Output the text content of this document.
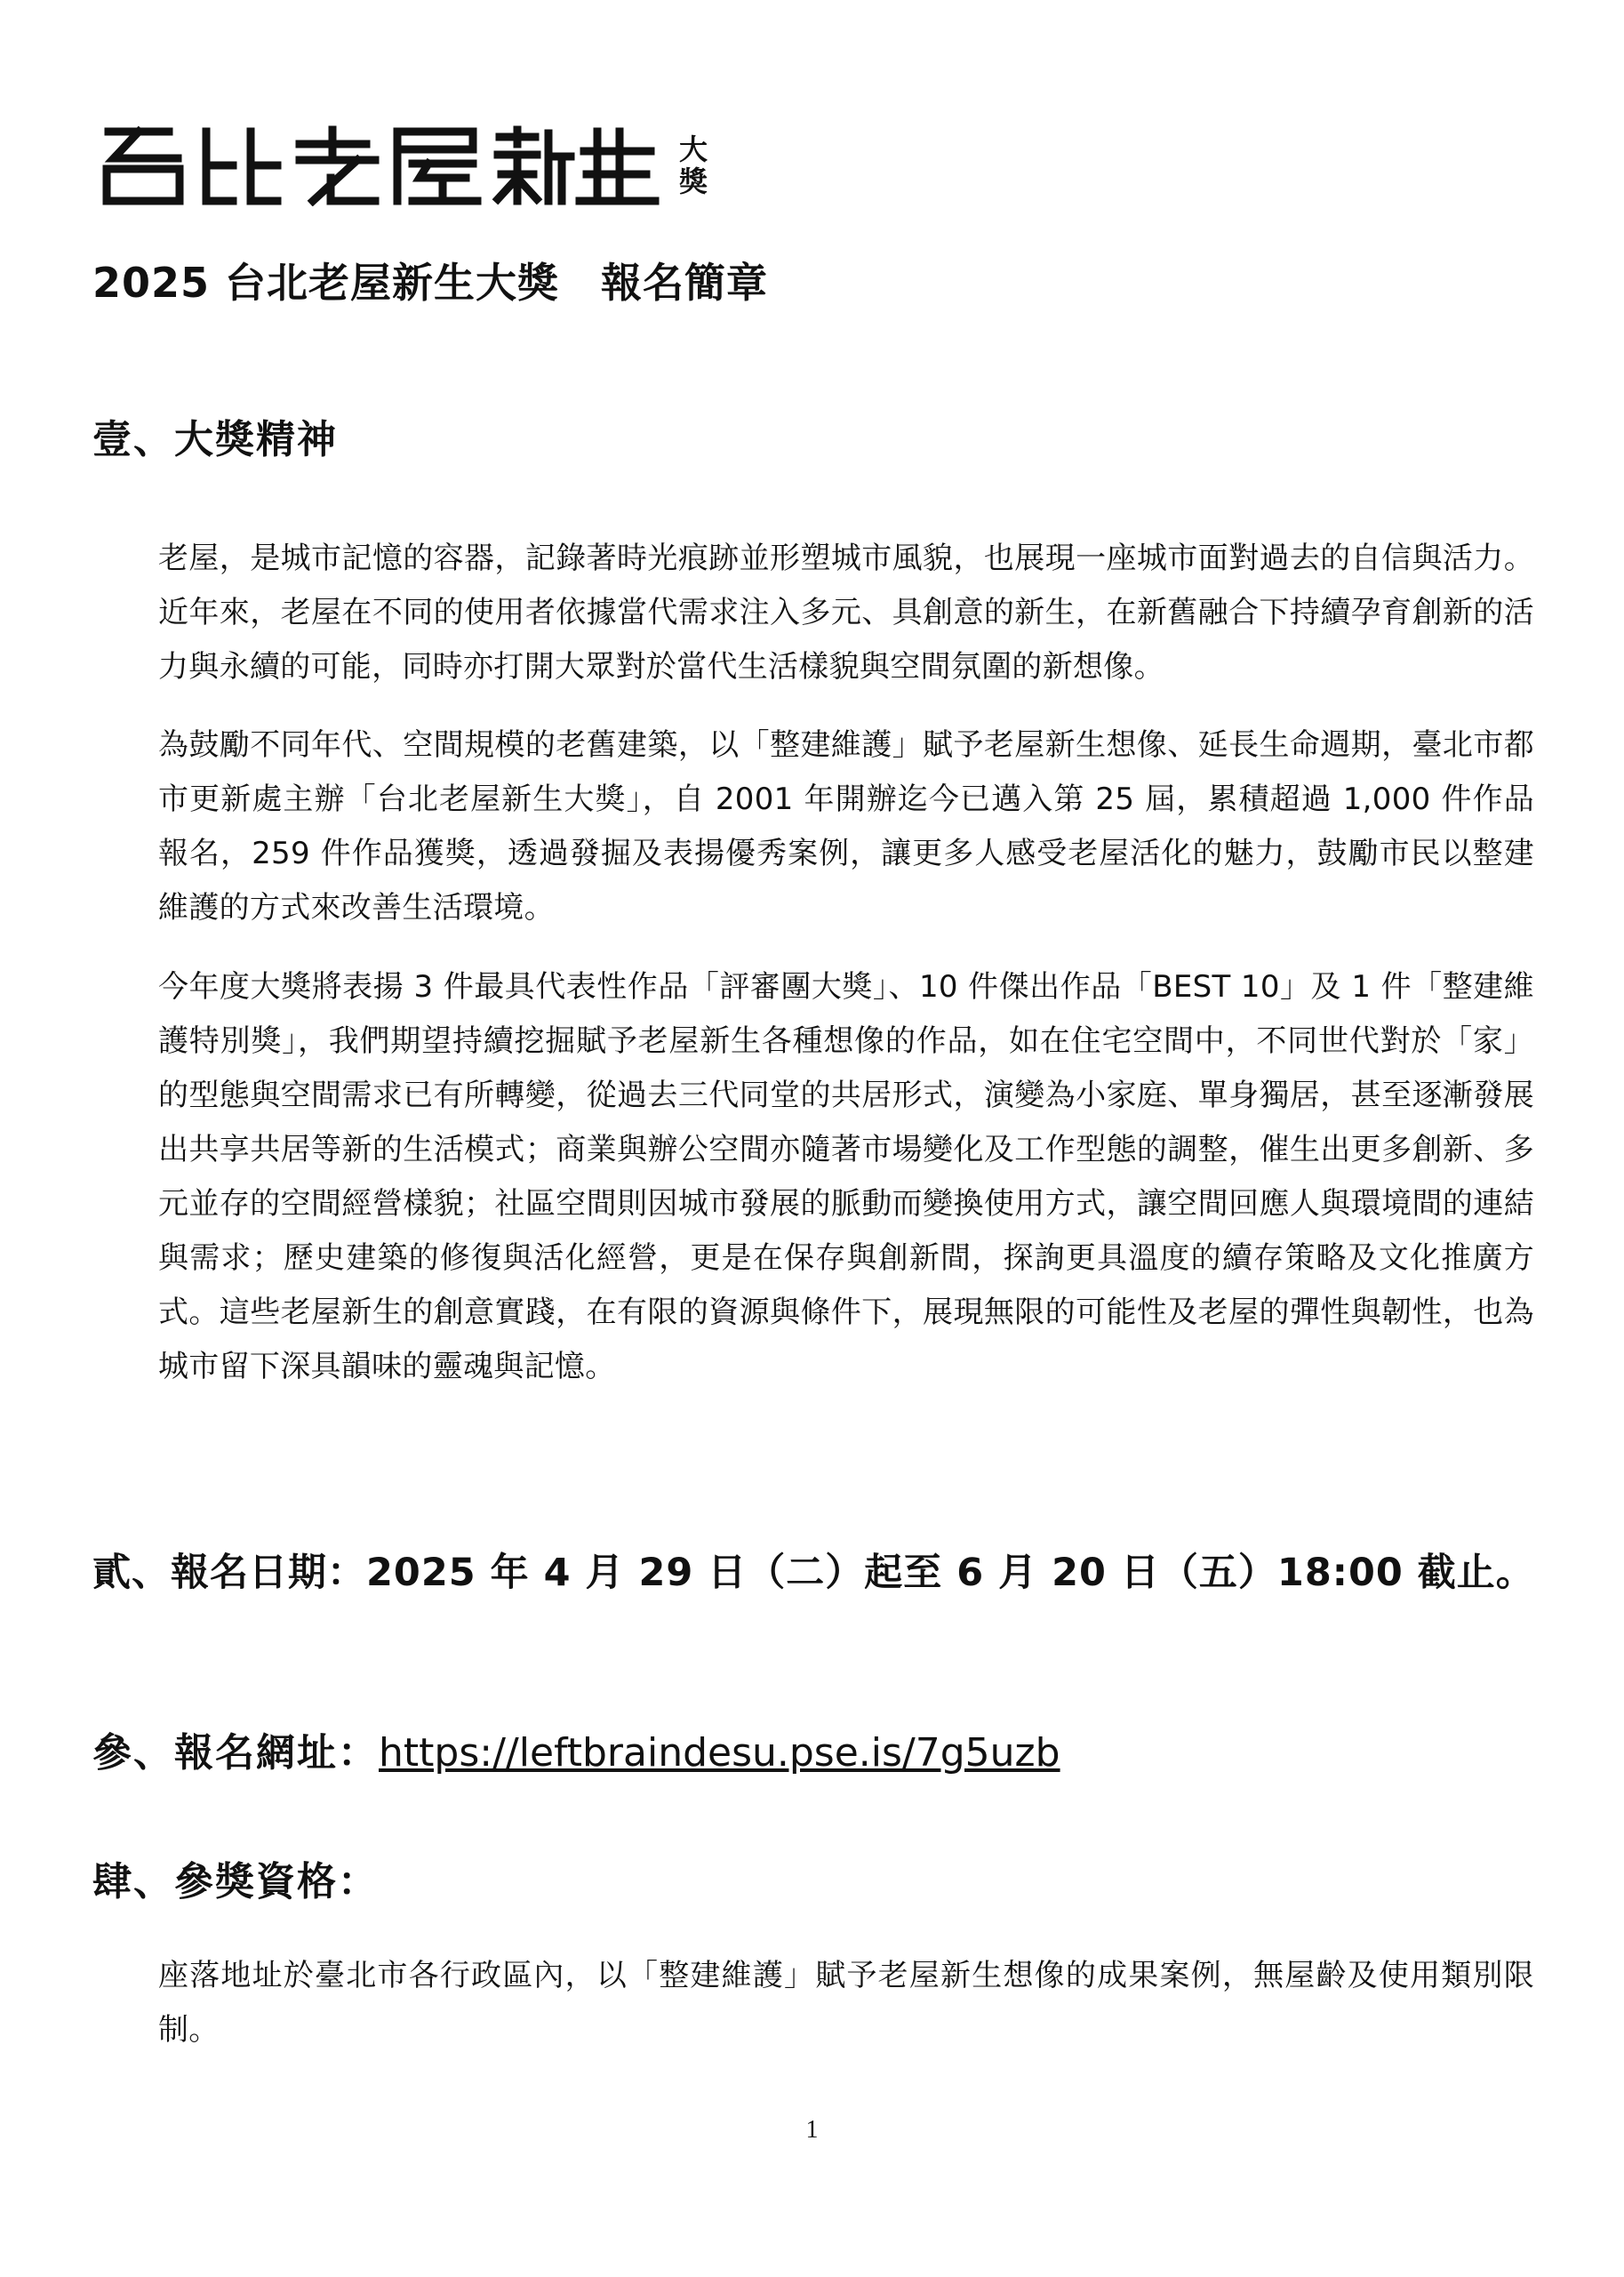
大
獎
2025 台北老屋新生大獎　報名簡章
壹、大獎精神
老屋，是城市記憶的容器，記錄著時光痕跡並形塑城市風貌，也展現一座城市面對過去的自信與活力。近年來，老屋在不同的使用者依據當代需求注入多元、具創意的新生，在新舊融合下持續孕育創新的活力與永續的可能，同時亦打開大眾對於當代生活樣貌與空間氛圍的新想像。
為鼓勵不同年代、空間規模的老舊建築，以「整建維護」賦予老屋新生想像、延長生命週期，臺北市都市更新處主辦「台北老屋新生大獎」，自 2001 年開辦迄今已邁入第 25 屆，累積超過 1,000 件作品報名，259 件作品獲獎，透過發掘及表揚優秀案例，讓更多人感受老屋活化的魅力，鼓勵市民以整建維護的方式來改善生活環境。
今年度大獎將表揚 3 件最具代表性作品「評審團大獎」、10 件傑出作品「BEST 10」及 1 件「整建維護特別獎」，我們期望持續挖掘賦予老屋新生各種想像的作品，如在住宅空間中，不同世代對於「家」的型態與空間需求已有所轉變，從過去三代同堂的共居形式，演變為小家庭、單身獨居，甚至逐漸發展出共享共居等新的生活模式；商業與辦公空間亦隨著市場變化及工作型態的調整，催生出更多創新、多元並存的空間經營樣貌；社區空間則因城市發展的脈動而變換使用方式，讓空間回應人與環境間的連結與需求；歷史建築的修復與活化經營，更是在保存與創新間，探詢更具溫度的續存策略及文化推廣方式。這些老屋新生的創意實踐，在有限的資源與條件下，展現無限的可能性及老屋的彈性與韌性，也為城市留下深具韻味的靈魂與記憶。
貳、報名日期：2025 年 4 月 29 日（二）起至 6 月 20 日（五）18:00 截止。
參、報名網址：https://leftbraindesu.pse.is/7g5uzb
肆、參獎資格：
座落地址於臺北市各行政區內，以「整建維護」賦予老屋新生想像的成果案例，無屋齡及使用類別限制。
1
